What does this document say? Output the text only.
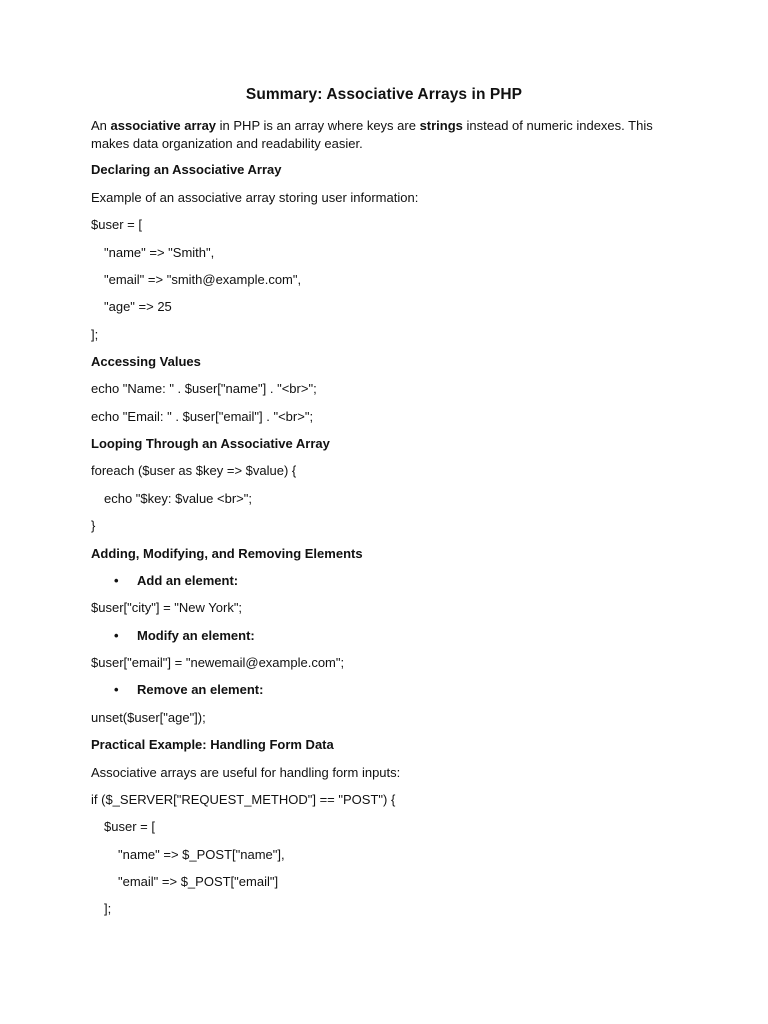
Summary: Associative Arrays in PHP
An associative array in PHP is an array where keys are strings instead of numeric indexes. This makes data organization and readability easier.
Declaring an Associative Array
Example of an associative array storing user information:
$user = [
"name" => "Smith",
"email" => "smith@example.com",
"age" => 25
];
Accessing Values
echo "Name: " . $user["name"] . "<br>";
echo "Email: " . $user["email"] . "<br>";
Looping Through an Associative Array
foreach ($user as $key => $value) {
echo "$key: $value <br>";
}
Adding, Modifying, and Removing Elements
•	Add an element:
$user["city"] = "New York";
•	Modify an element:
$user["email"] = "newemail@example.com";
•	Remove an element:
unset($user["age"]);
Practical Example: Handling Form Data
Associative arrays are useful for handling form inputs:
if ($_SERVER["REQUEST_METHOD"] == "POST") {
$user = [
"name" => $_POST["name"],
"email" => $_POST["email"]
];
